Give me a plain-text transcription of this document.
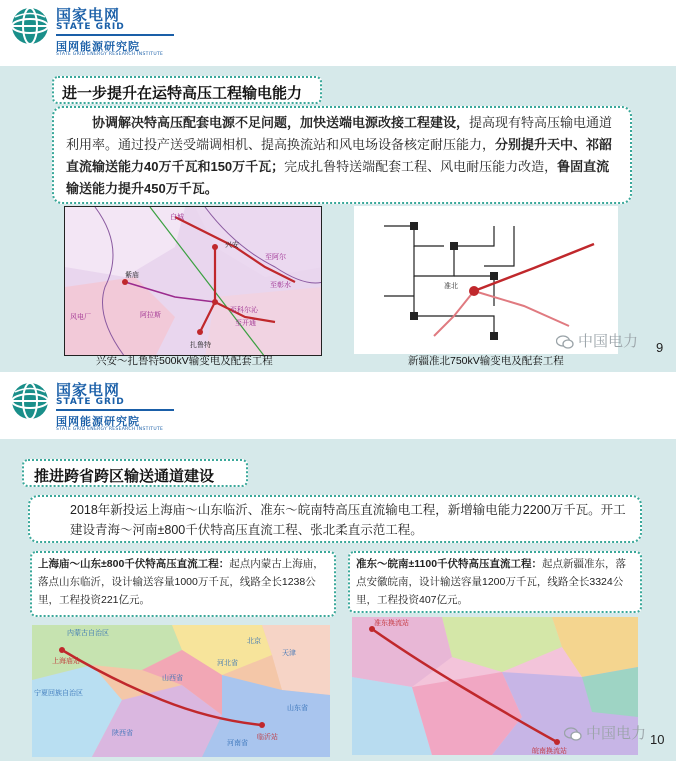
国家电网
STATE GRID
国网能源研究院
STATE GRID ENERGY RESEARCH INSTITUTE
进一步提升在运特高压工程输电能力
协调解决特高压配套电源不足问题，加快送端电源改接工程建设，提高现有特高压输电通道利用率。通过投产送受端调相机、提高换流站和风电场设备核定耐压能力，分别提升天中、祁韶直流输送能力40万千瓦和150万千瓦；完成扎鲁特送端配套工程、风电耐压能力改造，鲁固直流输送能力提升450万千瓦。
白城
兴安
至阿尔
至彰水
阿拉斯
紫庙
至科尔沁
至开通
扎鲁特
风电厂
兴安～扎鲁特500kV输变电及配套工程
准北
新疆准北750kV输变电及配套工程
中国电力 9
国家电网
STATE GRID
国网能源研究院
STATE GRID ENERGY RESEARCH INSTITUTE
推进跨省跨区输送通道建设
2018年新投运上海庙～山东临沂、准东～皖南特高压直流输电工程，新增输电能力2200万千瓦。开工建设青海～河南±800千伏特高压直流工程、张北柔直示范工程。
上海庙～山东±800千伏特高压直流工程：起点内蒙古上海庙，落点山东临沂，设计输送容量1000万千瓦，线路全长1238公里，工程投资221亿元。
准东～皖南±1100千伏特高压直流工程：起点新疆准东，落点安徽皖南，设计输送容量1200万千瓦，线路全长3324公里，工程投资407亿元。
内蒙古自治区
上海庙站	河北省
山东省
山西省
宁夏回族自治区
陕西省
河南省
临沂站
北京
天津
准东换流站
皖南换流站
中国电力 10
